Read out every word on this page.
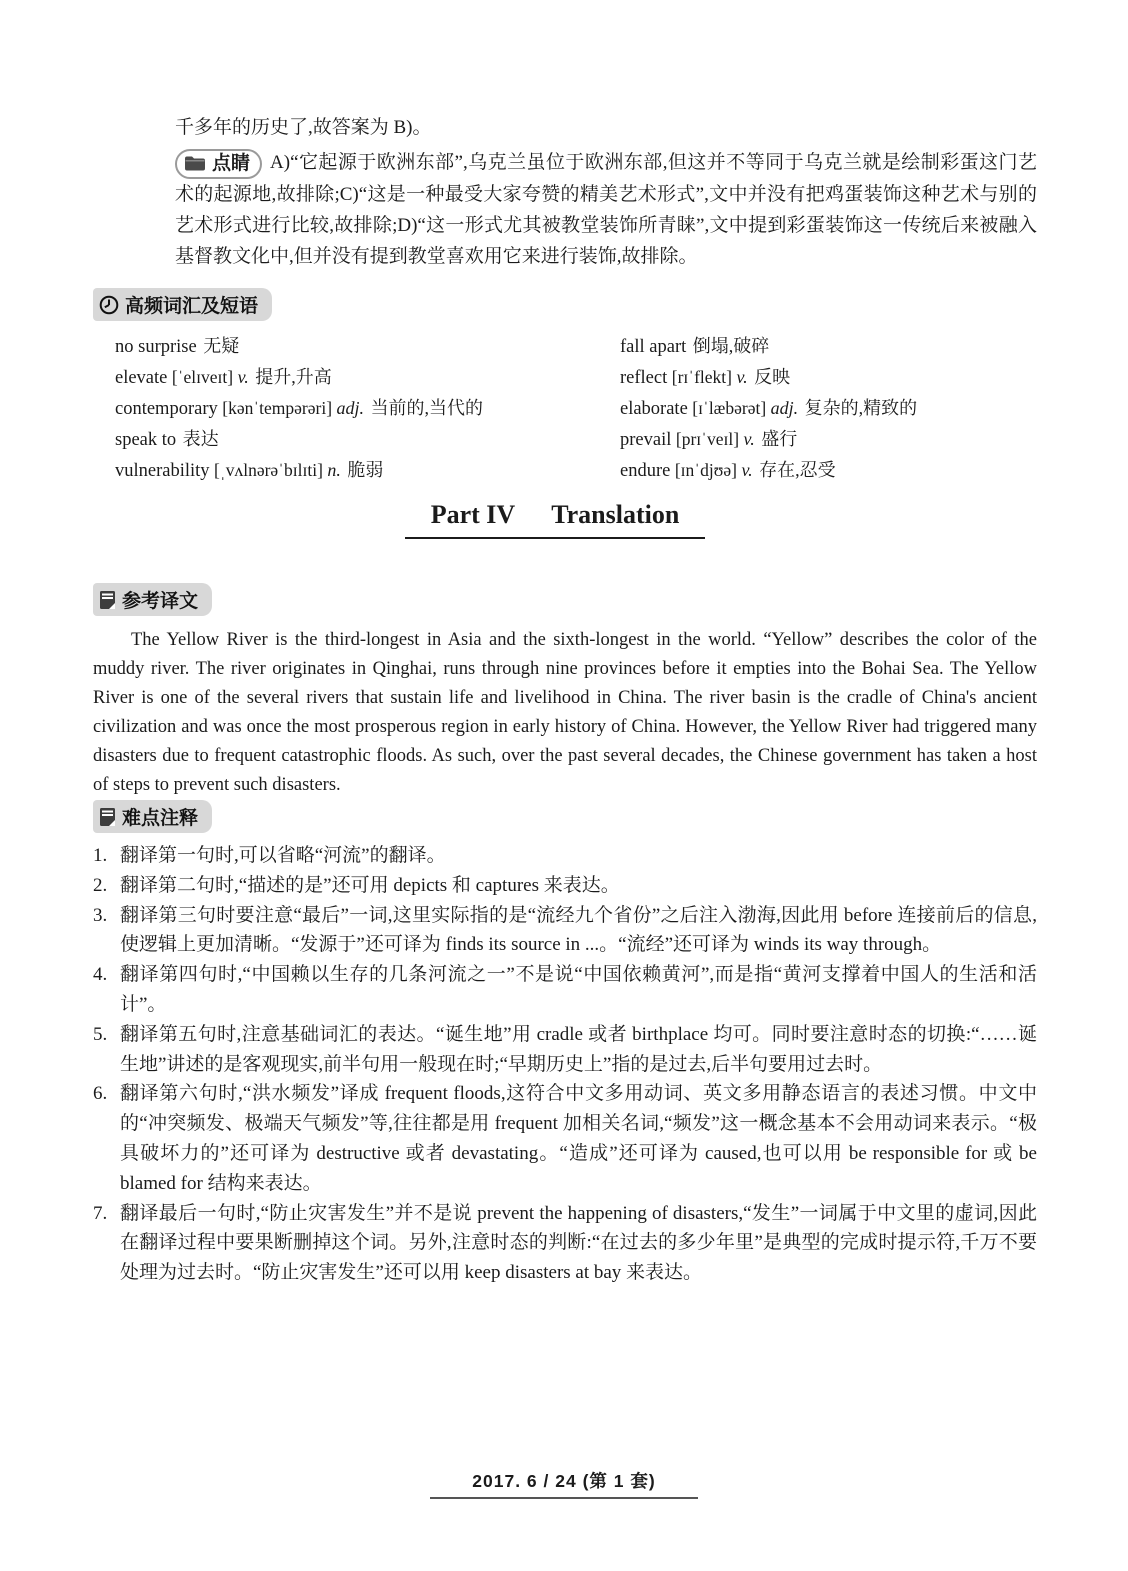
千多年的历史了,故答案为 B)。

点睛 A)“它起源于欧洲东部”,乌克兰虽位于欧洲东部,但这并不等同于乌克兰就是绘制彩蛋这门艺术的起源地,故排除;C)“这是一种最受大家夸赞的精美艺术形式”,文中并没有把鸡蛋装饰这种艺术与别的艺术形式进行比较,故排除;D)“这一形式尤其被教堂装饰所青睐”,文中提到彩蛋装饰这一传统后来被融入基督教文化中,但并没有提到教堂喜欢用它来进行装饰,故排除。

高频词汇及短语

no surprise 无疑

elevate [ˈelɪveɪt] v. 提升,升高

contemporary [kənˈtempərəri] adj. 当前的,当代的

speak to 表达

vulnerability [ˌvʌlnərəˈbɪlɪti] n. 脆弱

fall apart 倒塌,破碎

reflect [rɪˈflekt] v. 反映

elaborate [ɪˈlæbərət] adj. 复杂的,精致的

prevail [prɪˈveɪl] v. 盛行

endure [ɪnˈdjʊə] v. 存在,忍受

Part IV Translation
参考译文

The Yellow River is the third-longest in Asia and the sixth-longest in the world. “Yellow” describes the color of the muddy river. The river originates in Qinghai, runs through nine provinces before it empties into the Bohai Sea. The Yellow River is one of the several rivers that sustain life and livelihood in China. The river basin is the cradle of China's ancient civilization and was once the most prosperous region in early history of China. However, the Yellow River had triggered many disasters due to frequent catastrophic floods. As such, over the past several decades, the Chinese government has taken a host of steps to prevent such disasters.

难点注释

1. 翻译第一句时,可以省略“河流”的翻译。

2. 翻译第二句时,“描述的是”还可用 depicts 和 captures 来表达。

3. 翻译第三句时要注意“最后”一词,这里实际指的是“流经九个省份”之后注入渤海,因此用 before 连接前后的信息,使逻辑上更加清晰。“发源于”还可译为 finds its source in ...。“流经”还可译为 winds its way through。

4. 翻译第四句时,“中国赖以生存的几条河流之一”不是说“中国依赖黄河”,而是指“黄河支撑着中国人的生活和活计”。

5. 翻译第五句时,注意基础词汇的表达。“诞生地”用 cradle 或者 birthplace 均可。同时要注意时态的切换:“……诞生地”讲述的是客观现实,前半句用一般现在时;“早期历史上”指的是过去,后半句要用过去时。

6. 翻译第六句时,“洪水频发”译成 frequent floods,这符合中文多用动词、英文多用静态语言的表述习惯。中文中的“冲突频发、极端天气频发”等,往往都是用 frequent 加相关名词,“频发”这一概念基本不会用动词来表示。“极具破坏力的”还可译为 destructive 或者 devastating。“造成”还可译为 caused,也可以用 be responsible for 或 be blamed for 结构来表达。

7. 翻译最后一句时,“防止灾害发生”并不是说 prevent the happening of disasters,“发生”一词属于中文里的虚词,因此在翻译过程中要果断删掉这个词。另外,注意时态的判断:“在过去的多少年里”是典型的完成时提示符,千万不要处理为过去时。“防止灾害发生”还可以用 keep disasters at bay 来表达。

2017. 6 / 24 (第 1 套)
